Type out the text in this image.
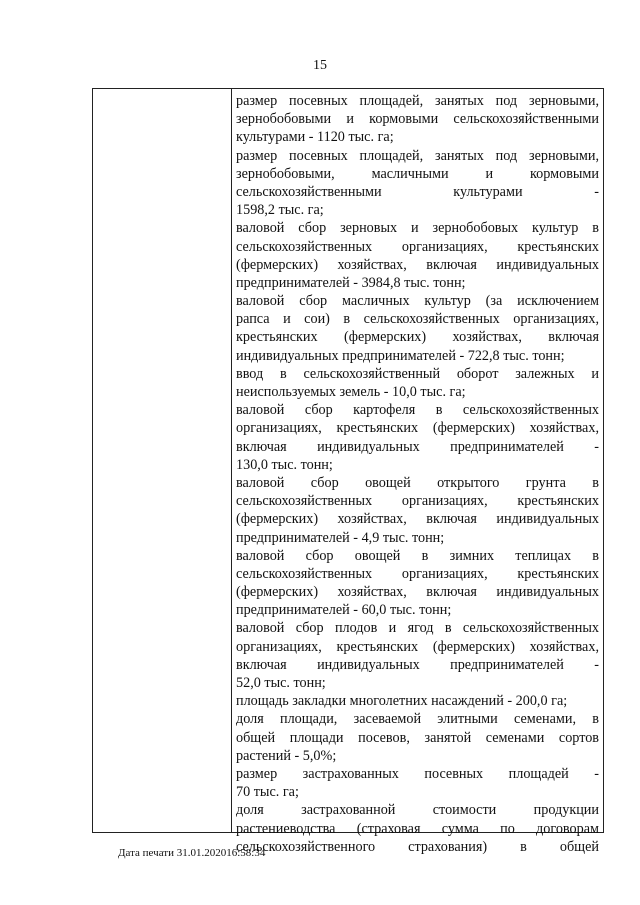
15
размер посевных площадей, занятых под зерновыми,
зернобобовыми и кормовыми сельскохозяйственными
культурами - 1120 тыс. га;
размер посевных площадей, занятых под зерновыми,
зернобобовыми, масличными и кормовыми
сельскохозяйственными культурами -
1598,2 тыс. га;
валовой сбор зерновых и зернобобовых культур в
сельскохозяйственных организациях, крестьянских
(фермерских) хозяйствах, включая индивидуальных
предпринимателей - 3984,8 тыс. тонн;
валовой сбор масличных культур (за исключением
рапса и сои) в сельскохозяйственных организациях,
крестьянских (фермерских) хозяйствах, включая
индивидуальных предпринимателей - 722,8 тыс. тонн;
ввод в сельскохозяйственный оборот залежных и
неиспользуемых земель - 10,0 тыс. га;
валовой сбор картофеля в сельскохозяйственных
организациях, крестьянских (фермерских) хозяйствах,
включая индивидуальных предпринимателей -
130,0 тыс. тонн;
валовой сбор овощей открытого грунта в
сельскохозяйственных организациях, крестьянских
(фермерских) хозяйствах, включая индивидуальных
предпринимателей - 4,9 тыс. тонн;
валовой сбор овощей в зимних теплицах в
сельскохозяйственных организациях, крестьянских
(фермерских) хозяйствах, включая индивидуальных
предпринимателей - 60,0 тыс. тонн;
валовой сбор плодов и ягод в сельскохозяйственных
организациях, крестьянских (фермерских) хозяйствах,
включая индивидуальных предпринимателей -
52,0 тыс. тонн;
площадь закладки многолетних насаждений - 200,0 га;
доля площади, засеваемой элитными семенами, в
общей площади посевов, занятой семенами сортов
растений - 5,0%;
размер застрахованных посевных площадей -
70 тыс. га;
доля застрахованной стоимости продукции
растениеводства (страховая сумма по договорам
сельскохозяйственного страхования) в общей
Дата печати 31.01.202016:58:34
